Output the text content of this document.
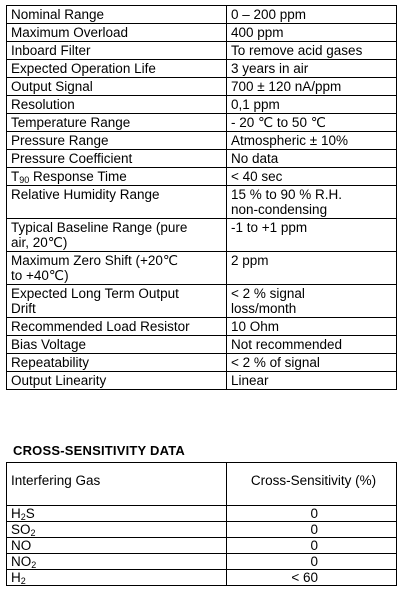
Nominal Range	0 – 200 ppm
Maximum Overload	400 ppm
Inboard Filter	To remove acid gases
Expected Operation Life	3 years in air
Output Signal	700 ± 120 nA/ppm
Resolution	0,1 ppm
Temperature Range	- 20 ℃ to 50 ℃
Pressure Range	Atmospheric ± 10%
Pressure Coefficient	No data
$T_{90}$ Response Time	< 40 sec
Relative Humidity Range	15 % to 90 % R.H.
non-condensing
Typical Baseline Range (pure
air, 20℃)	-1 to +1 ppm
Maximum Zero Shift (+20℃
to +40℃)	2 ppm
Expected Long Term Output
Drift	< 2 % signal
loss/month
Recommended Load Resistor	10 Ohm
Bias Voltage	Not recommended
Repeatability	< 2 % of signal
Output Linearity	Linear
CROSS-SENSITIVITY DATA
Interfering Gas	Cross-Sensitivity (%)
$H_2S$	0
$SO_2$	0
NO	0
$NO_2$	0
$H_2$	< 60
